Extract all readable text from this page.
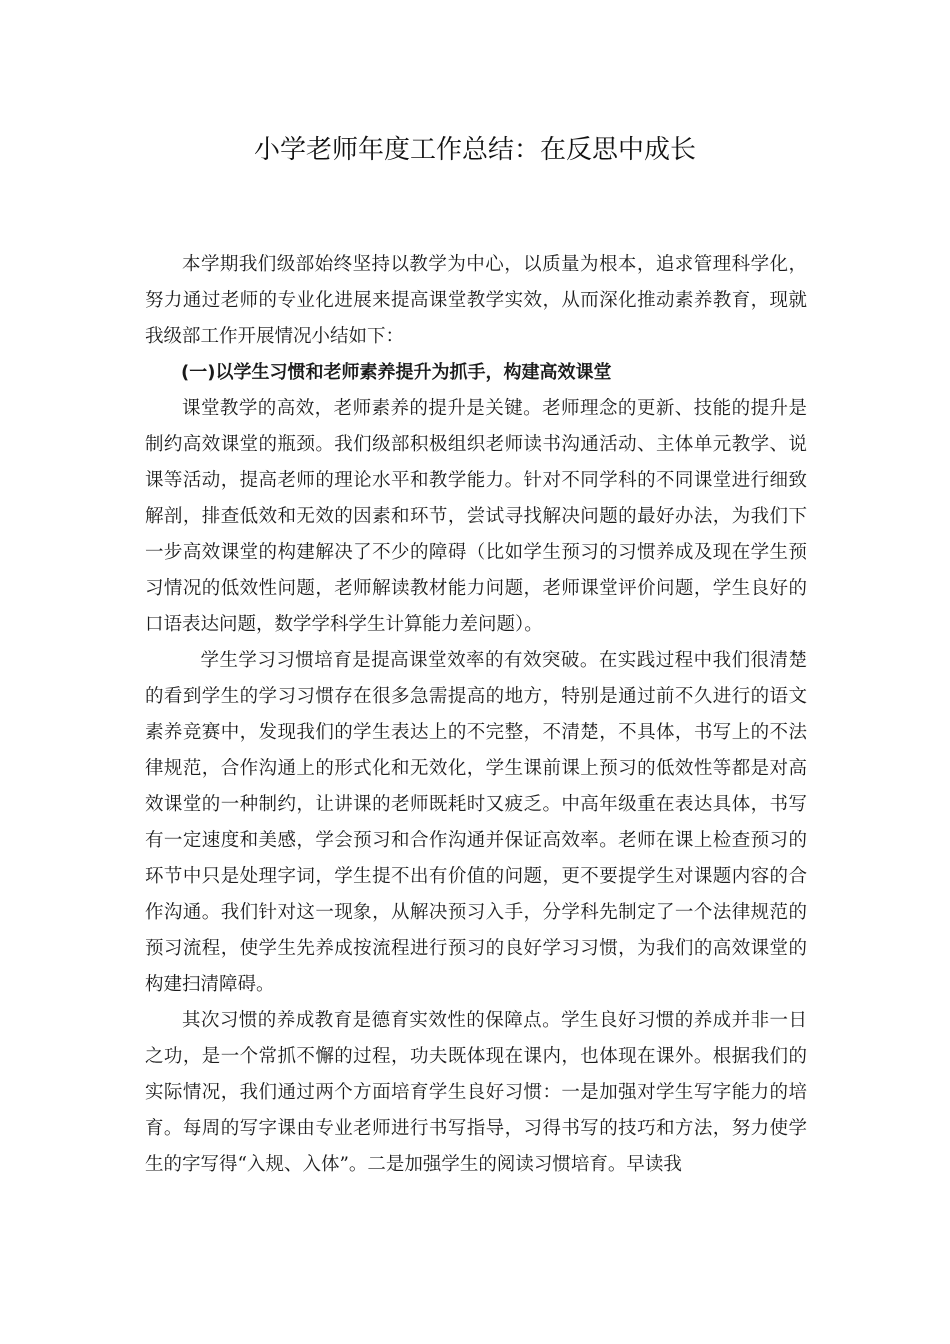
小学老师年度工作总结：在反思中成长

本学期我们级部始终坚持以教学为中心，以质量为根本，追求管理科学化，努力通过老师的专业化进展来提高课堂教学实效，从而深化推动素养教育，现就我级部工作开展情况小结如下：

(一)以学生习惯和老师素养提升为抓手，构建高效课堂

课堂教学的高效，老师素养的提升是关键。老师理念的更新、技能的提升是制约高效课堂的瓶颈。我们级部积极组织老师读书沟通活动、主体单元教学、说课等活动，提高老师的理论水平和教学能力。针对不同学科的不同课堂进行细致解剖，排查低效和无效的因素和环节，尝试寻找解决问题的最好办法，为我们下一步高效课堂的构建解决了不少的障碍（比如学生预习的习惯养成及现在学生预习情况的低效性问题，老师解读教材能力问题，老师课堂评价问题，学生良好的口语表达问题，数学学科学生计算能力差问题）。

学生学习习惯培育是提高课堂效率的有效突破。在实践过程中我们很清楚的看到学生的学习习惯存在很多急需提高的地方，特别是通过前不久进行的语文素养竞赛中，发现我们的学生表达上的不完整，不清楚，不具体，书写上的不法律规范，合作沟通上的形式化和无效化，学生课前课上预习的低效性等都是对高效课堂的一种制约，让讲课的老师既耗时又疲乏。中高年级重在表达具体，书写有一定速度和美感，学会预习和合作沟通并保证高效率。老师在课上检查预习的环节中只是处理字词，学生提不出有价值的问题，更不要提学生对课题内容的合作沟通。我们针对这一现象，从解决预习入手，分学科先制定了一个法律规范的预习流程，使学生先养成按流程进行预习的良好学习习惯，为我们的高效课堂的构建扫清障碍。

其次习惯的养成教育是德育实效性的保障点。学生良好习惯的养成并非一日之功，是一个常抓不懈的过程，功夫既体现在课内，也体现在课外。根据我们的实际情况，我们通过两个方面培育学生良好习惯：一是加强对学生写字能力的培育。每周的写字课由专业老师进行书写指导，习得书写的技巧和方法，努力使学生的字写得“入规、入体”。二是加强学生的阅读习惯培育。早读我
